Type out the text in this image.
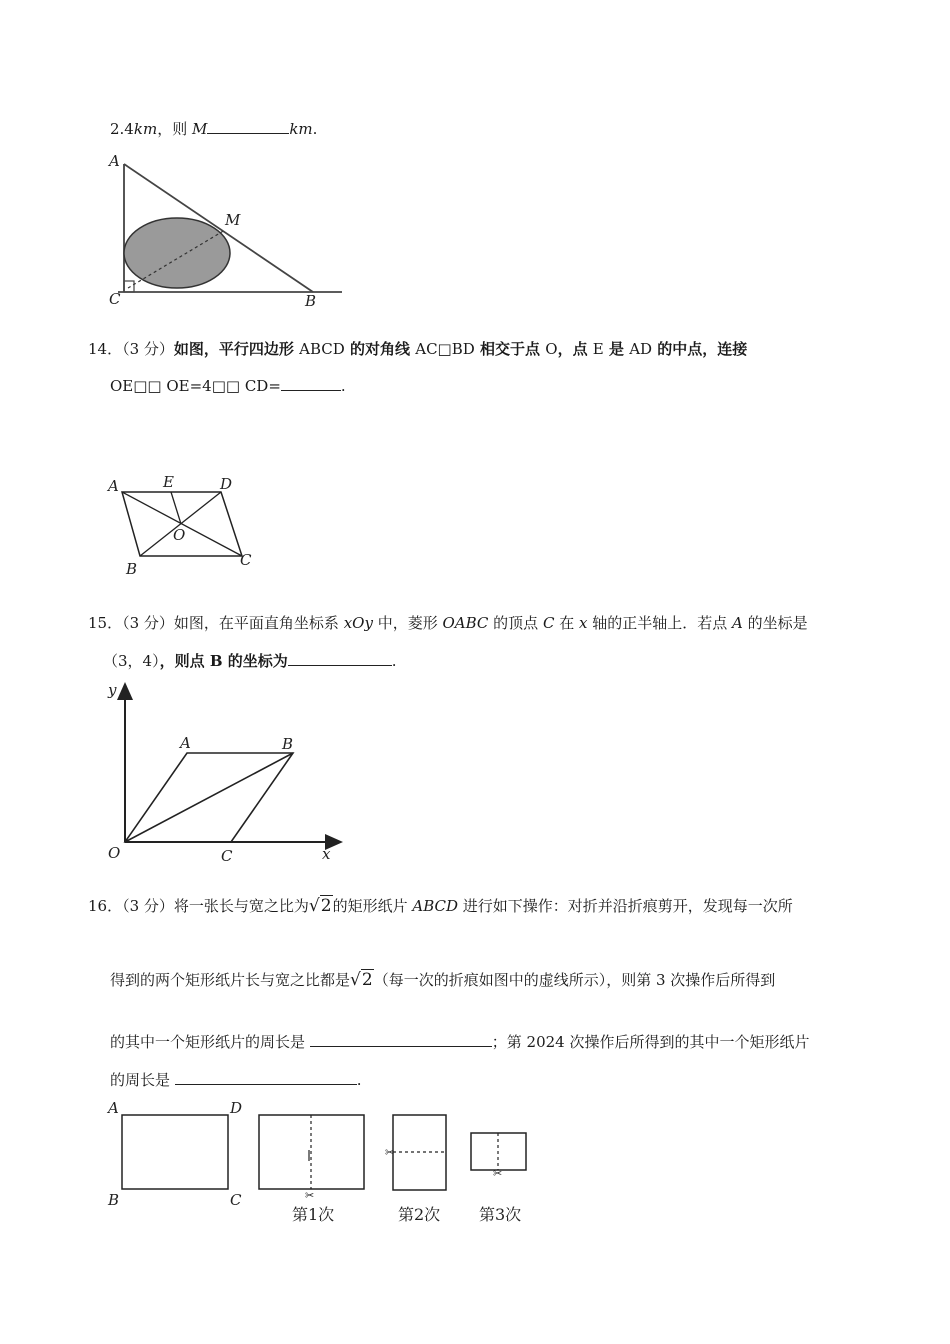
2.4km，则 M	km.
A
M
C	B
14．（3 分）如图，平行四边形 ABCD 的对角线 AC□BD 相交于点 O，点 E 是 AD 的中点，连接
OE□□ OE=4□□ CD=	.
A	E	D
O
B	C
15．（3 分）如图，在平面直角坐标系 xOy 中，菱形 OABC 的顶点 C 在 x 轴的正半轴上．若点 A 的坐标是
（3，4），则点 B 的坐标为	.
y
A	B
O	C	x
16．（3 分）将一张长与宽之比为√2的矩形纸片 ABCD 进行如下操作：对折并沿折痕剪开，发现每一次所
得到的两个矩形纸片长与宽之比都是√2（每一次的折痕如图中的虚线所示），则第 3 次操作后所得到
的其中一个矩形纸片的周长是	；第 2024 次操作后所得到的其中一个矩形纸片
的周长是	.
A	D
B	C	✂
第1次
✂
第2次
✂
第3次
